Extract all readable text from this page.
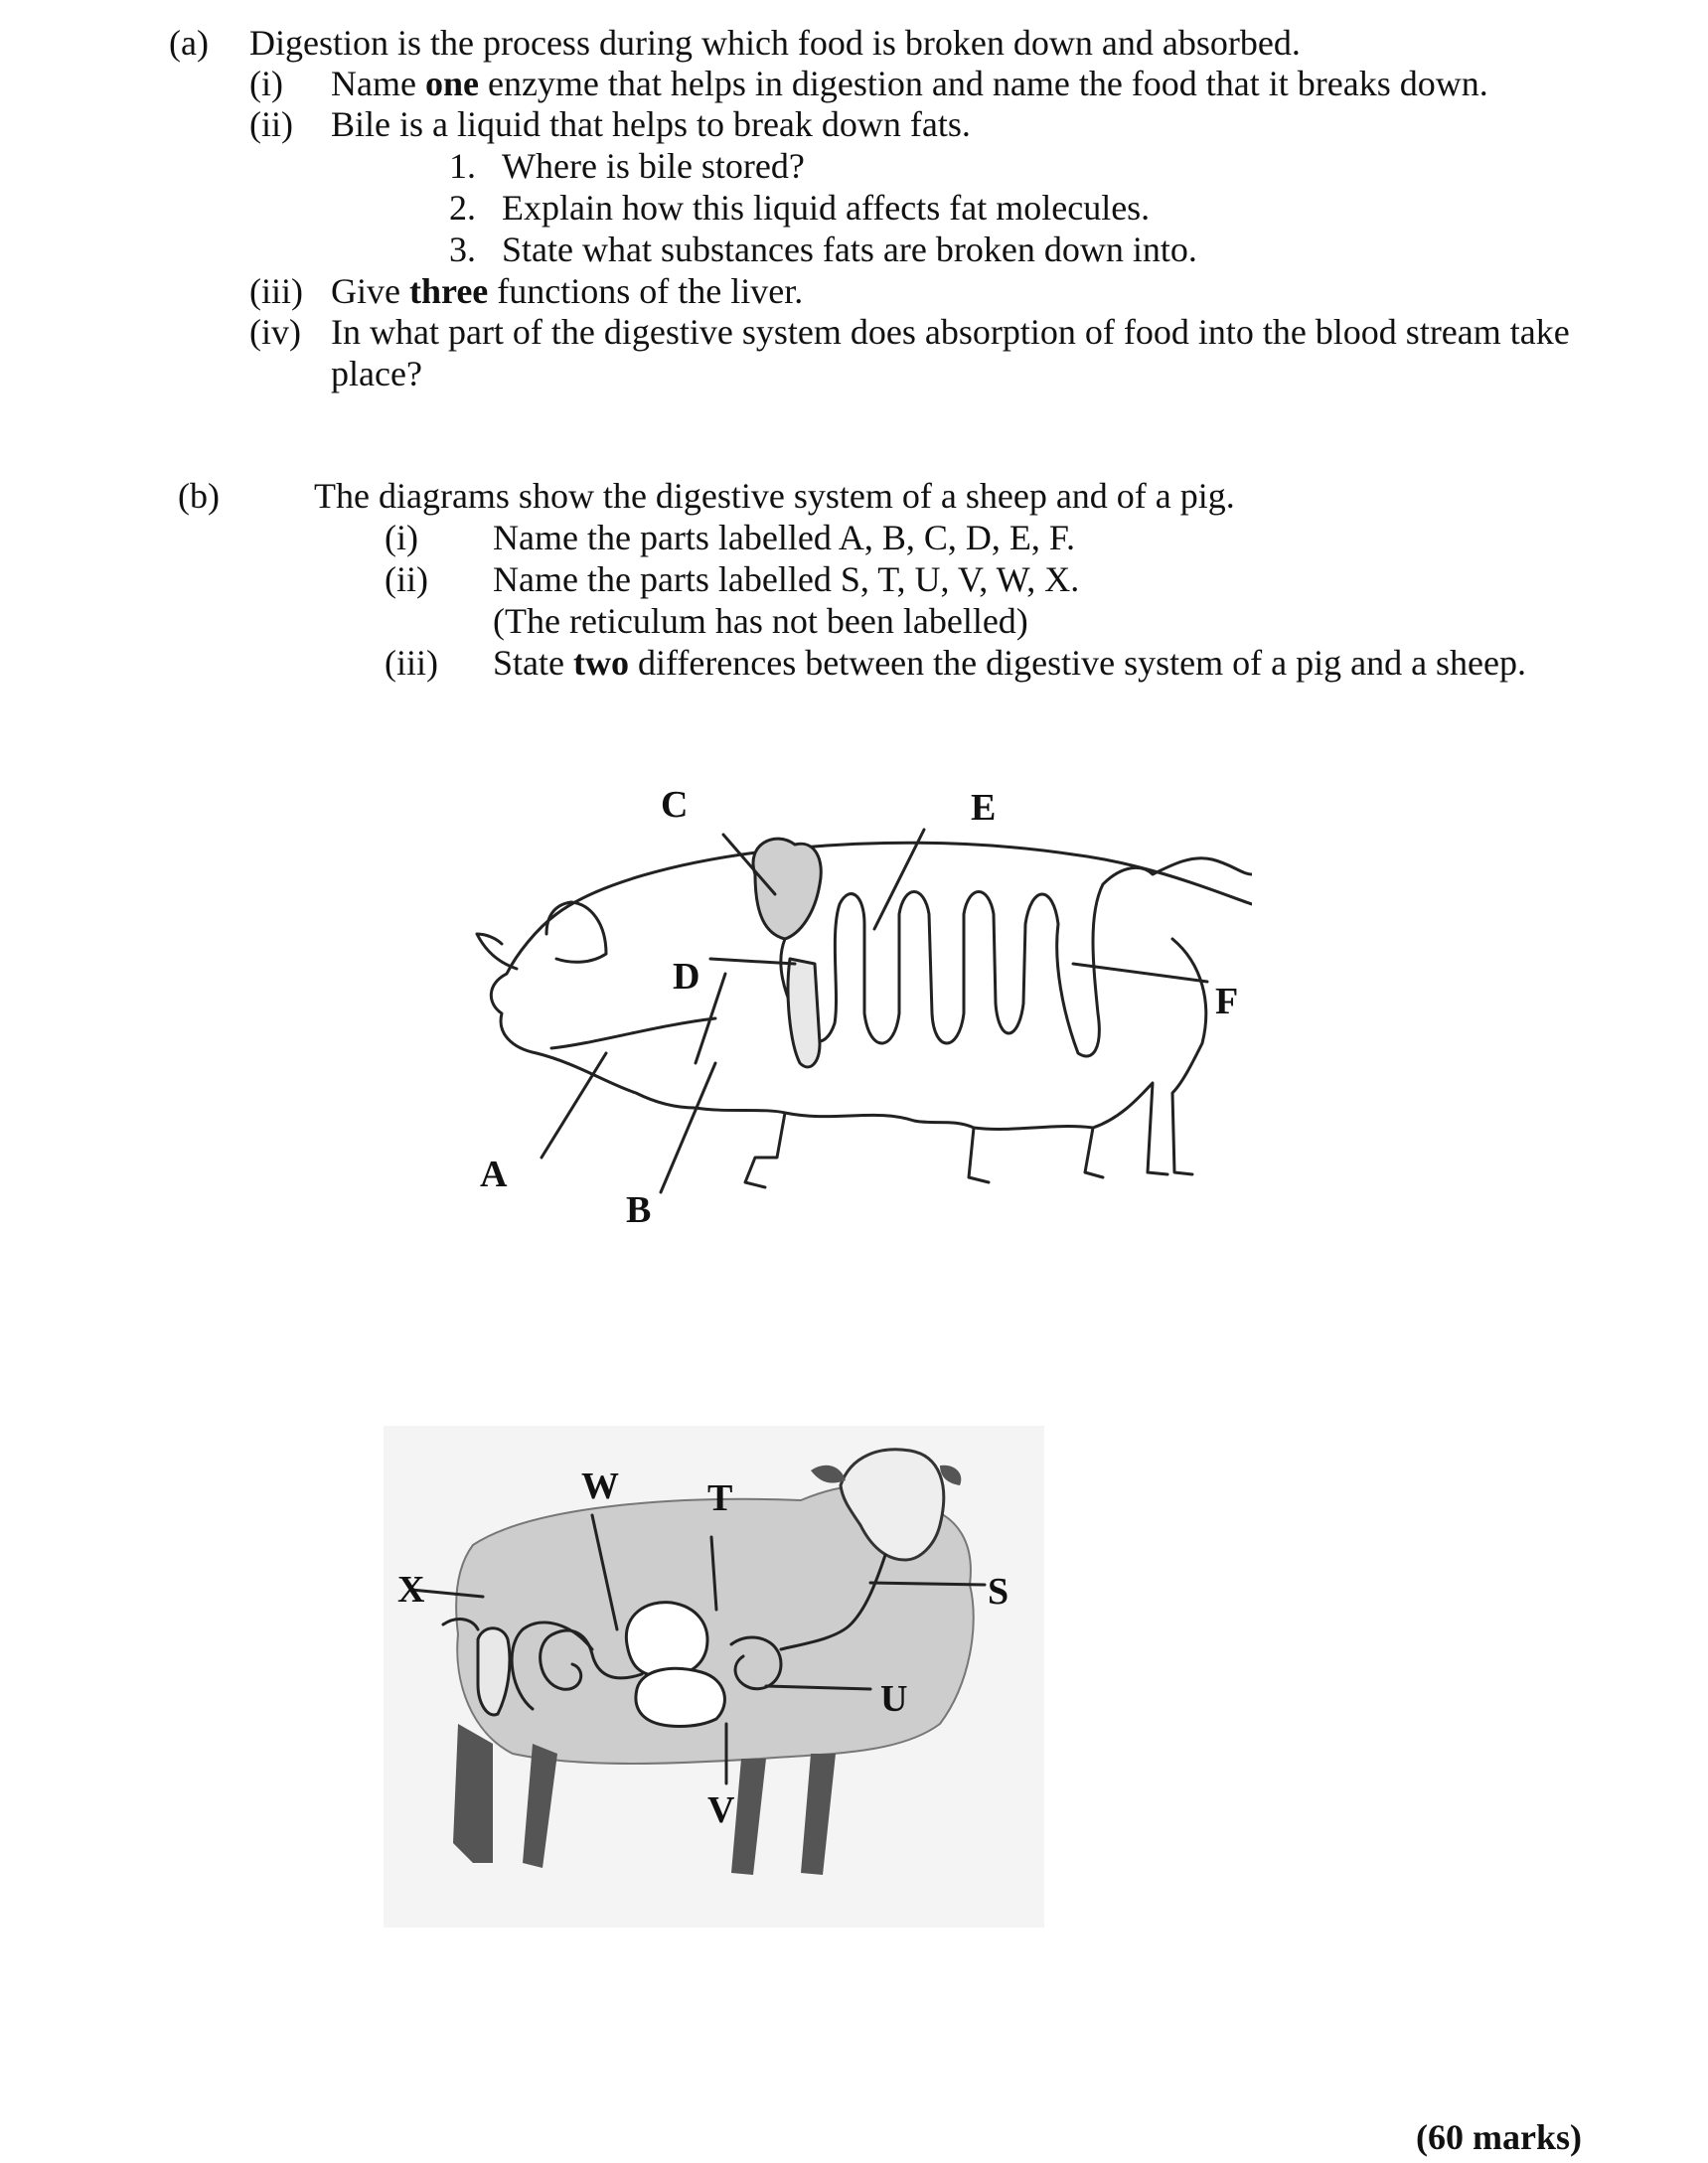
(a) Digestion is the process during which food is broken down and absorbed.
(i) Name one enzyme that helps in digestion and name the food that it breaks down.
(ii) Bile is a liquid that helps to break down fats.
1. Where is bile stored?
2. Explain how this liquid affects fat molecules.
3. State what substances fats are broken down into.
(iii) Give three functions of the liver.
(iv) In what part of the digestive system does absorption of food into the blood stream take
place?
(b)	The diagrams show the digestive system of a sheep and of a pig.
(i) Name the parts labelled A, B, C, D, E, F.
(ii) Name the parts labelled S, T, U, V, W, X.
(The reticulum has not been labelled)
(iii) State two differences between the digestive system of a pig and a sheep.
A
B
C
D
E
F
S
T
U
V
W
X
(60 marks)
